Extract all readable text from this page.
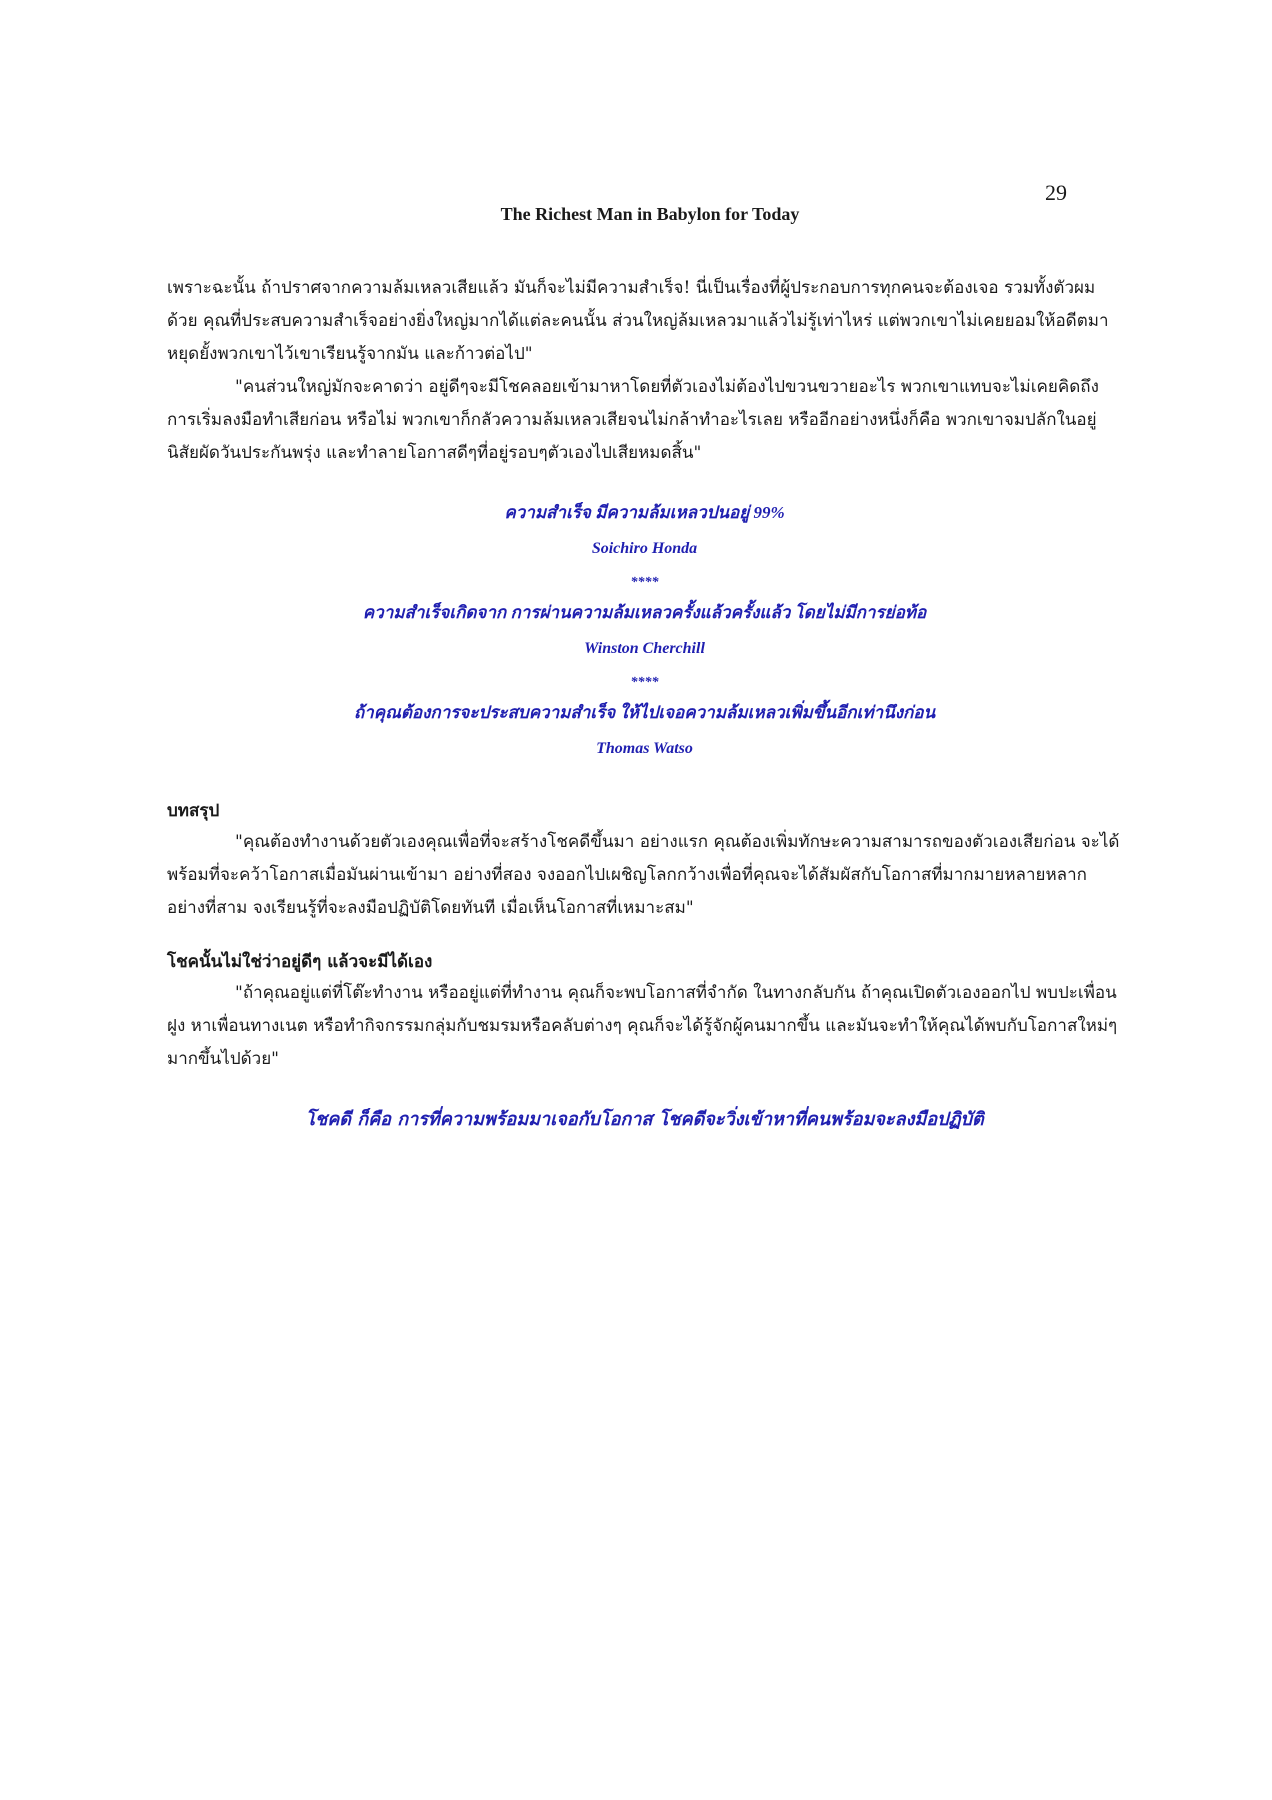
29
The Richest Man in Babylon for Today

เพราะฉะนั้น ถ้าปราศจากความล้มเหลวเสียแล้ว มันก็จะไม่มีความสำเร็จ! นี่เป็นเรื่องที่ผู้ประกอบการทุกคนจะต้องเจอ รวมทั้งตัวผมด้วย คุณที่ประสบความสำเร็จอย่างยิ่งใหญ่มากได้แต่ละคนนั้น ส่วนใหญ่ล้มเหลวมาแล้วไม่รู้เท่าไหร่ แต่พวกเขาไม่เคยยอมให้อดีตมาหยุดยั้งพวกเขาไว้เขาเรียนรู้จากมัน และก้าวต่อไป"

"คนส่วนใหญ่มักจะคาดว่า อยู่ดีๆจะมีโชคลอยเข้ามาหาโดยที่ตัวเองไม่ต้องไปขวนขวายอะไร พวกเขาแทบจะไม่เคยคิดถึงการเริ่มลงมือทำเสียก่อน หรือไม่ พวกเขาก็กลัวความล้มเหลวเสียจนไม่กล้าทำอะไรเลย หรืออีกอย่างหนึ่งก็คือ พวกเขาจมปลักในอยู่นิสัยผัดวันประกันพรุ่ง และทำลายโอกาสดีๆที่อยู่รอบๆตัวเองไปเสียหมดสิ้น"

ความสำเร็จ มีความล้มเหลวปนอยู่ 99%

Soichiro Honda

****

ความสำเร็จเกิดจาก การผ่านความล้มเหลวครั้งแล้วครั้งแล้ว โดยไม่มีการย่อท้อ

Winston Cherchill

****

ถ้าคุณต้องการจะประสบความสำเร็จ ให้ไปเจอความล้มเหลวเพิ่มขึ้นอีกเท่านึงก่อน

Thomas Watso

บทสรุป

"คุณต้องทำงานด้วยตัวเองคุณเพื่อที่จะสร้างโชคดีขึ้นมา อย่างแรก คุณต้องเพิ่มทักษะความสามารถของตัวเองเสียก่อน จะได้พร้อมที่จะคว้าโอกาสเมื่อมันผ่านเข้ามา อย่างที่สอง จงออกไปเผชิญโลกกว้างเพื่อที่คุณจะได้สัมผัสกับโอกาสที่มากมายหลายหลากอย่างที่สาม จงเรียนรู้ที่จะลงมือปฏิบัติโดยทันที เมื่อเห็นโอกาสที่เหมาะสม"

โชคนั้นไม่ใช่ว่าอยู่ดีๆ แล้วจะมีได้เอง

"ถ้าคุณอยู่แต่ที่โต๊ะทำงาน หรืออยู่แต่ที่ทำงาน คุณก็จะพบโอกาสที่จำกัด ในทางกลับกัน ถ้าคุณเปิดตัวเองออกไป พบปะเพื่อนฝูง หาเพื่อนทางเนต หรือทำกิจกรรมกลุ่มกับชมรมหรือคลับต่างๆ คุณก็จะได้รู้จักผู้คนมากขึ้น และมันจะทำให้คุณได้พบกับโอกาสใหม่ๆมากขึ้นไปด้วย"

โชคดี ก็คือ การที่ความพร้อมมาเจอกับโอกาส โชคดีจะวิ่งเข้าหาที่คนพร้อมจะลงมือปฏิบัติ
